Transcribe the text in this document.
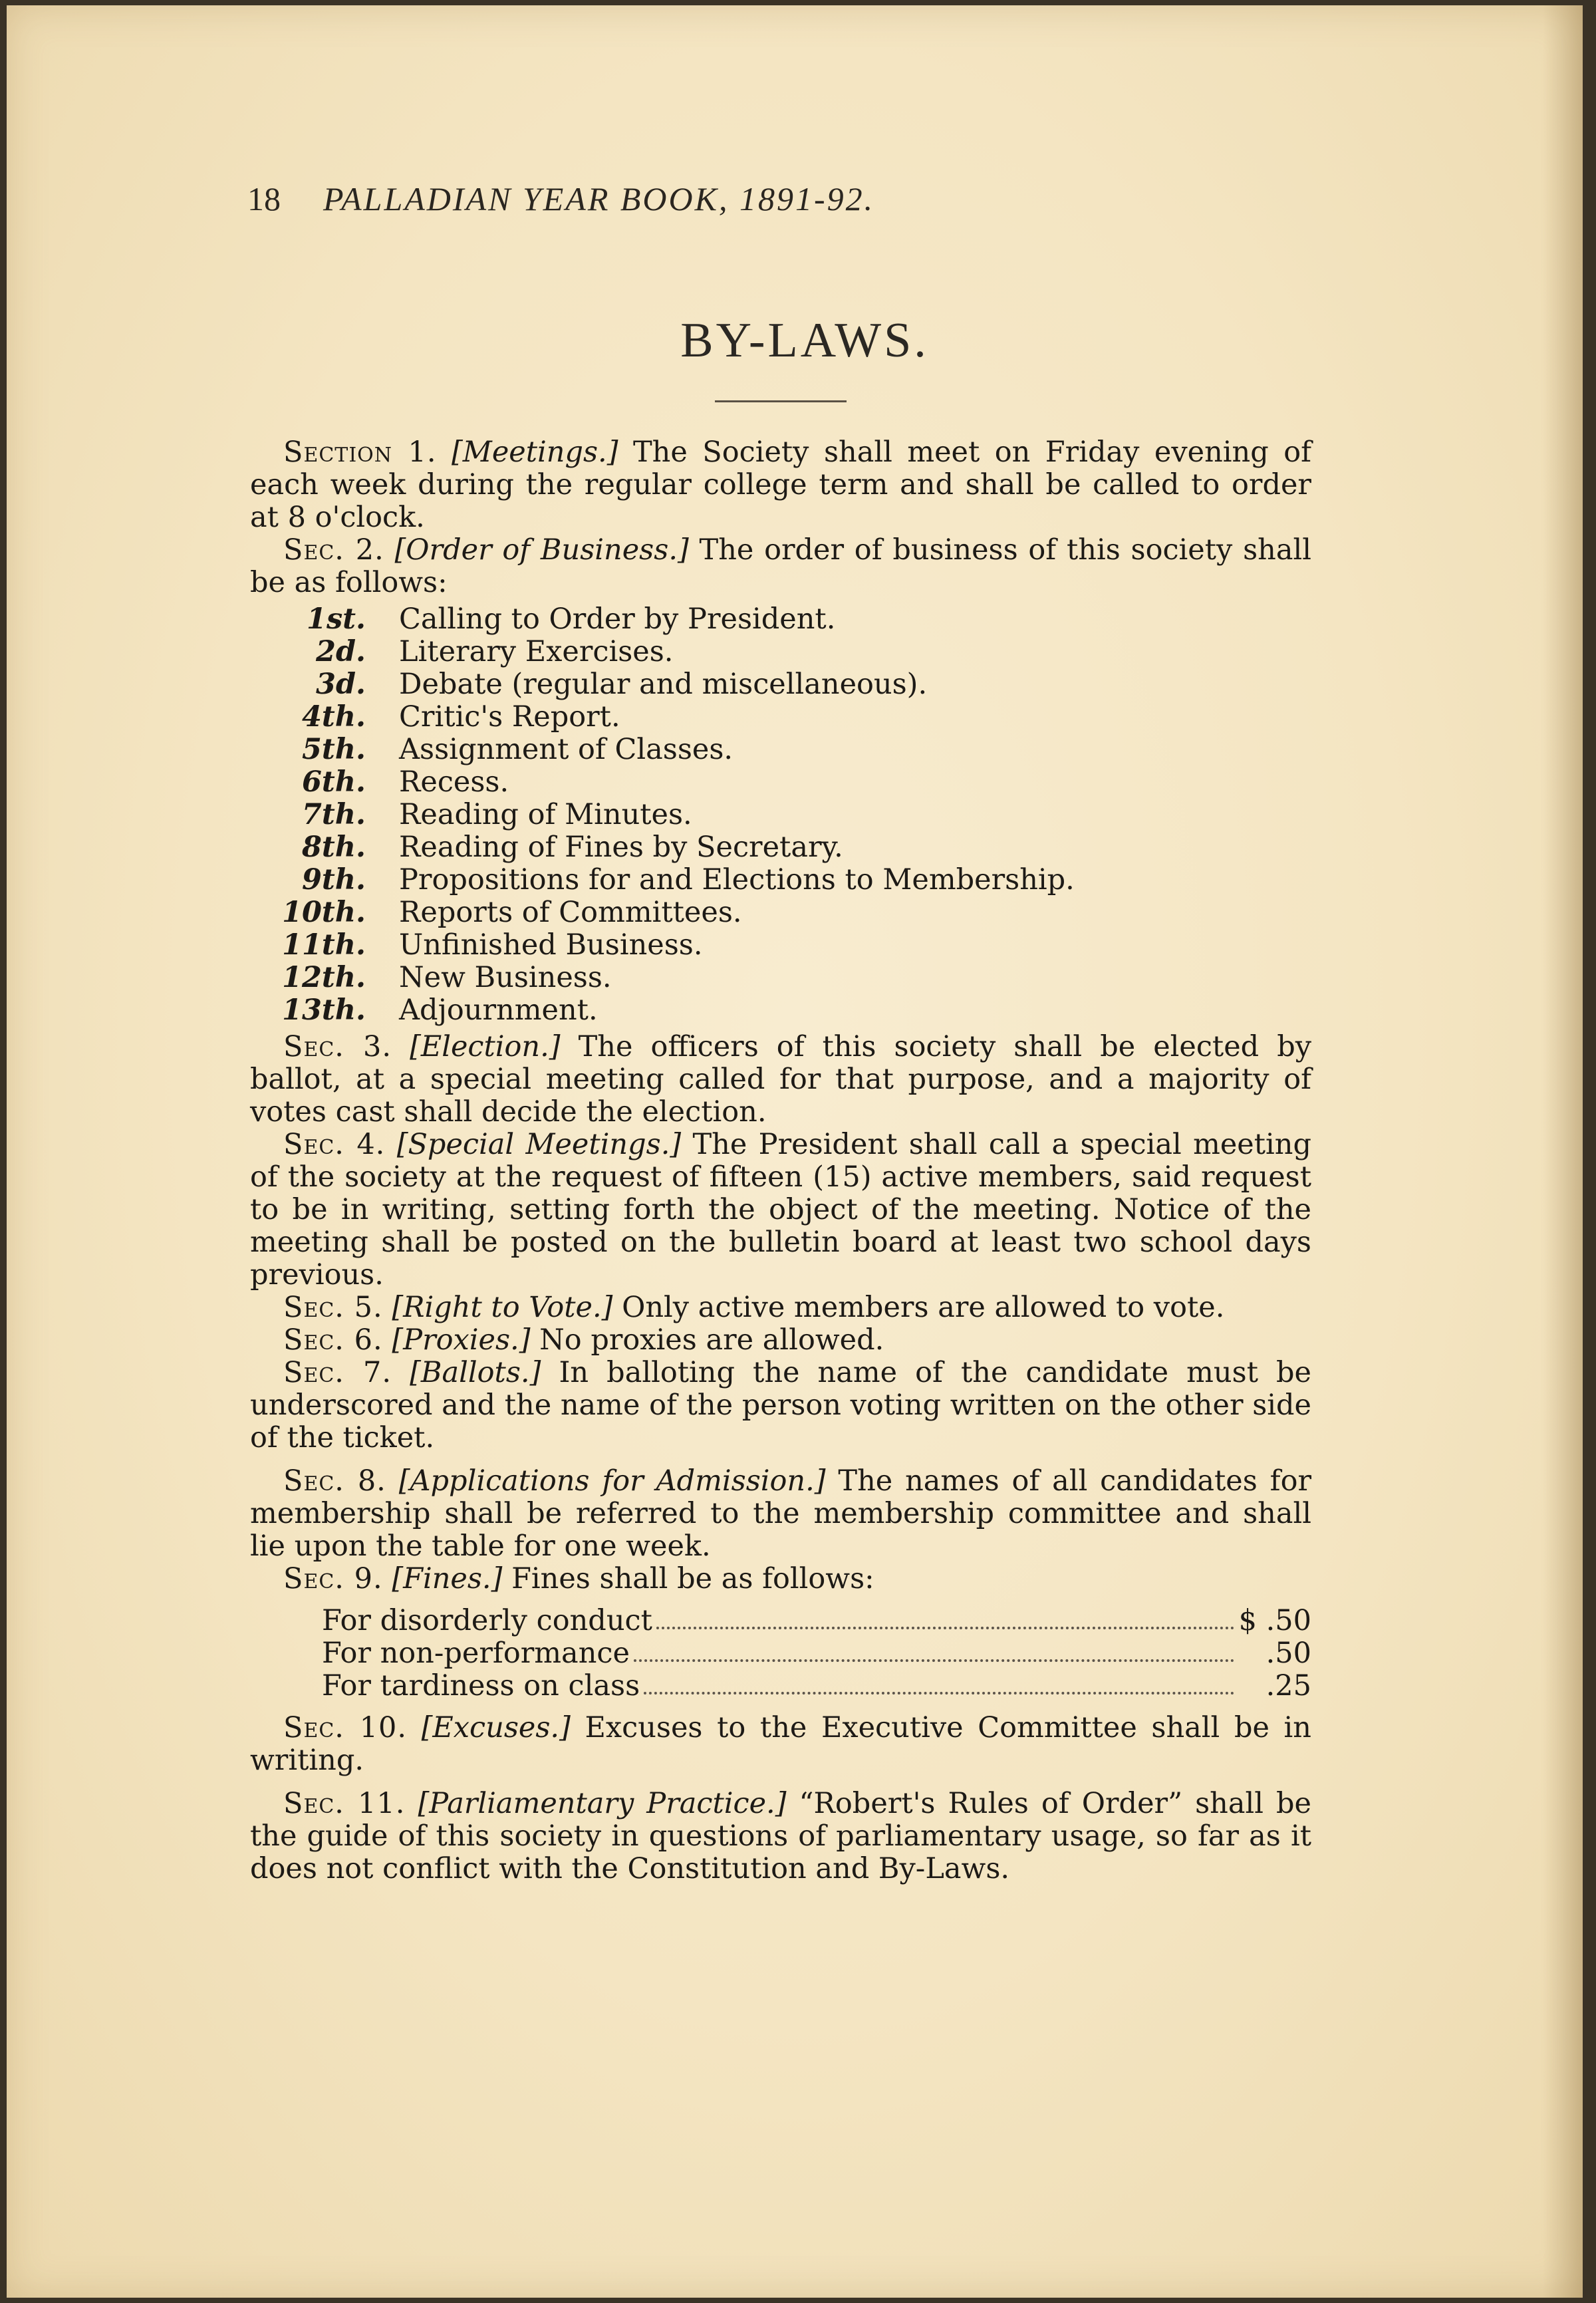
18 PALLADIAN YEAR BOOK, 1891-92.
BY-LAWS.

Section 1. [Meetings.] The Society shall meet on Friday evening of each week during the regular college term and shall be called to order at 8 o'clock.

Sec. 2. [Order of Business.] The order of business of this society shall be as follows:

1st.	Calling to Order by President.
2d.	Literary Exercises.
3d.	Debate (regular and miscellaneous).
4th.	Critic's Report.
5th.	Assignment of Classes.
6th.	Recess.
7th.	Reading of Minutes.
8th.	Reading of Fines by Secretary.
9th.	Propositions for and Elections to Membership.
10th.	Reports of Committees.
11th.	Unfinished Business.
12th.	New Business.
13th.	Adjournment.

Sec. 3. [Election.] The officers of this society shall be elected by ballot, at a special meeting called for that purpose, and a majority of votes cast shall decide the election.

Sec. 4. [Special Meetings.] The President shall call a special meeting of the society at the request of fifteen (15) active members, said request to be in writing, setting forth the object of the meeting. Notice of the meeting shall be posted on the bulletin board at least two school days previous.

Sec. 5. [Right to Vote.] Only active members are allowed to vote.

Sec. 6. [Proxies.] No proxies are allowed.

Sec. 7. [Ballots.] In balloting the name of the candidate must be underscored and the name of the person voting written on the other side of the ticket.

Sec. 8. [Applications for Admission.] The names of all candidates for membership shall be referred to the membership committee and shall lie upon the table for one week.

Sec. 9. [Fines.] Fines shall be as follows:

For disorderly conduct	$ .50
For non-performance	.50
For tardiness on class	.25

Sec. 10. [Excuses.] Excuses to the Executive Committee shall be in writing.

Sec. 11. [Parliamentary Practice.] “Robert's Rules of Order” shall be the guide of this society in questions of parliamentary usage, so far as it does not conflict with the Constitution and By-Laws.
